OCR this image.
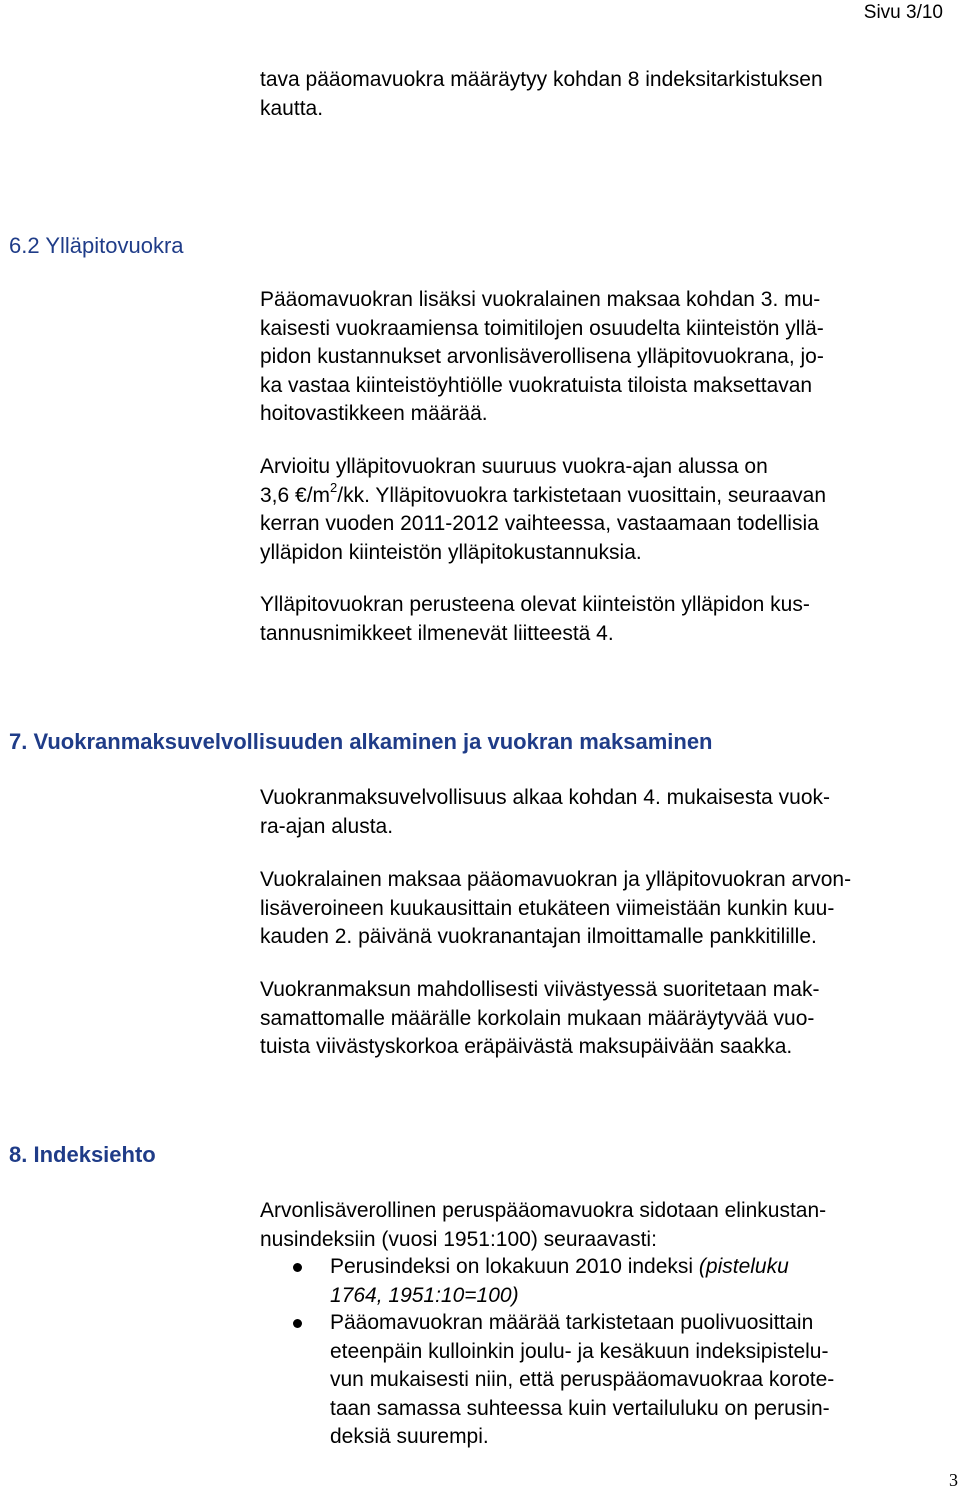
Sivu 3/10
tava pääomavuokra määräytyy kohdan 8 indeksitarkistuksen
kautta.
6.2 Ylläpitovuokra
Pääomavuokran lisäksi vuokralainen maksaa kohdan 3. mu-
kaisesti vuokraamiensa toimitilojen osuudelta kiinteistön yllä-
pidon kustannukset arvonlisäverollisena ylläpitovuokrana, jo-
ka vastaa kiinteistöyhtiölle vuokratuista tiloista maksettavan
hoitovastikkeen määrää.
Arvioitu ylläpitovuokran suuruus vuokra-ajan alussa on
3,6 $€/m^2/kk$. Ylläpitovuokra tarkistetaan vuosittain, seuraavan
kerran vuoden 2011-2012 vaihteessa, vastaamaan todellisia
ylläpidon kiinteistön ylläpitokustannuksia.
Ylläpitovuokran perusteena olevat kiinteistön ylläpidon kus-
tannusnimikkeet ilmenevät liitteestä 4.
7. Vuokranmaksuvelvollisuuden alkaminen ja vuokran maksaminen
Vuokranmaksuvelvollisuus alkaa kohdan 4. mukaisesta vuok-
ra-ajan alusta.
Vuokralainen maksaa pääomavuokran ja ylläpitovuokran arvon-
lisäveroineen kuukausittain etukäteen viimeistään kunkin kuu-
kauden 2. päivänä vuokranantajan ilmoittamalle pankkitilille.
Vuokranmaksun mahdollisesti viivästyessä suoritetaan mak-
samattomalle määrälle korkolain mukaan määräytyvää vuo-
tuista viivästyskorkoa eräpäivästä maksupäivään saakka.
8. Indeksiehto
Arvonlisäverollinen peruspääomavuokra sidotaan elinkustan-
nusindeksiin (vuosi 1951:100) seuraavasti:
Perusindeksi on lokakuun 2010 indeksi (pisteluku
1764, 1951:10=100)
Pääomavuokran määrää tarkistetaan puolivuosittain
eteenpäin kulloinkin joulu- ja kesäkuun indeksipistelu-
vun mukaisesti niin, että peruspääomavuokraa korote-
taan samassa suhteessa kuin vertailuluku on perusin-
deksiä suurempi.
3
